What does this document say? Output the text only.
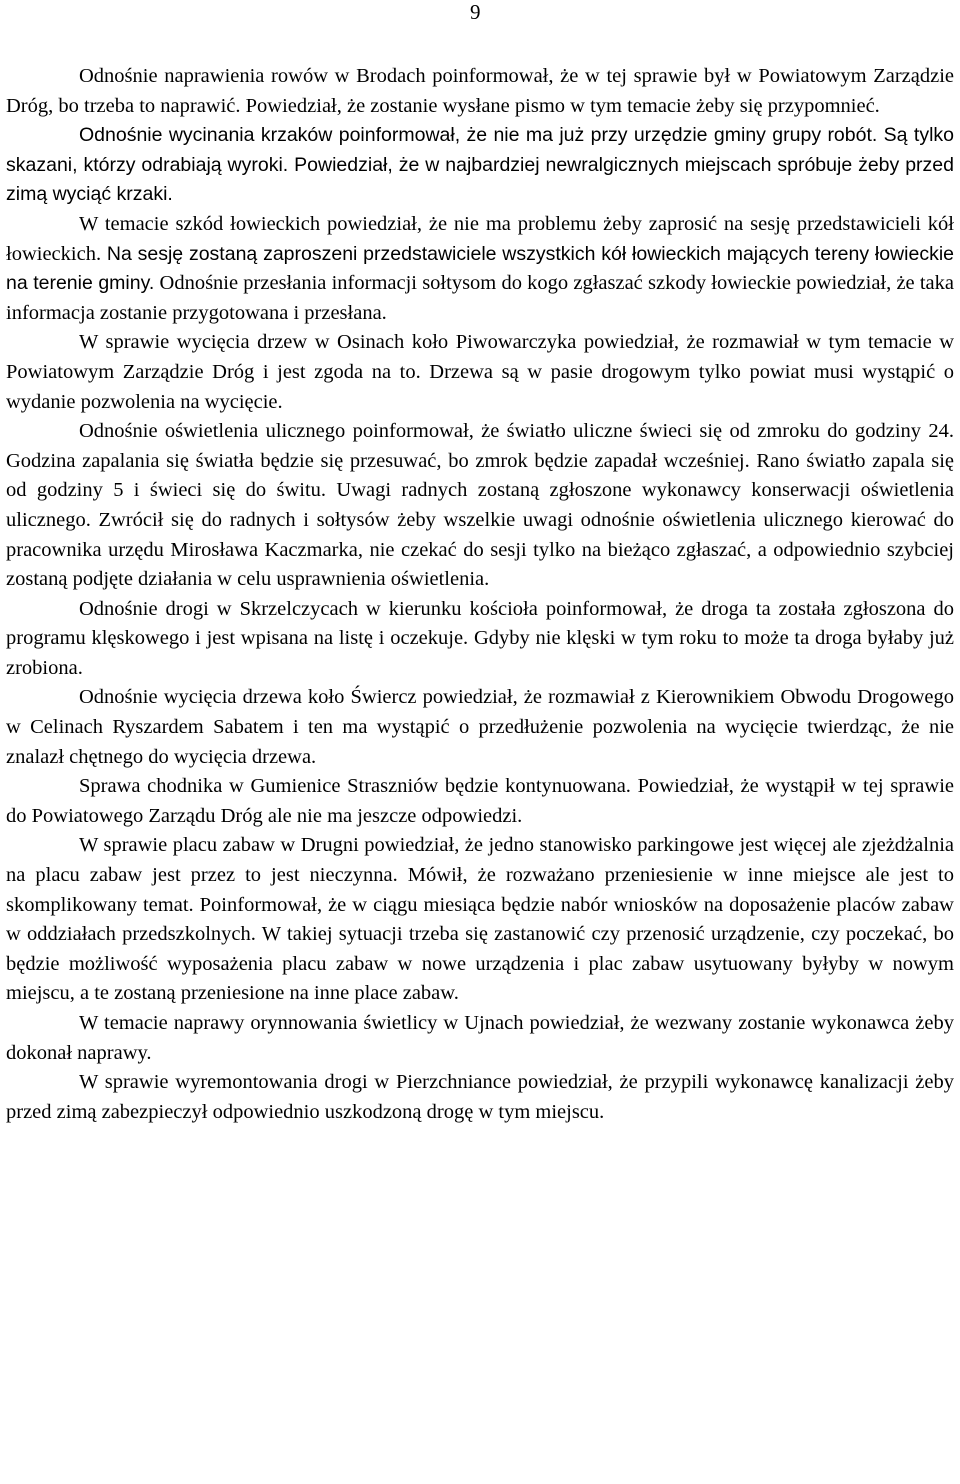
9

Odnośnie naprawienia rowów w Brodach poinformował, że w tej sprawie był w Powiatowym Zarządzie Dróg, bo trzeba to naprawić. Powiedział, że zostanie wysłane pismo w tym temacie żeby się przypomnieć.

Odnośnie wycinania krzaków poinformował, że nie ma już przy urzędzie gminy grupy robót. Są tylko skazani, którzy odrabiają wyroki. Powiedział, że w najbardziej newralgicznych miejscach spróbuje żeby przed zimą wyciąć krzaki.

W temacie szkód łowieckich powiedział, że nie ma problemu żeby zaprosić na sesję przedstawicieli kół łowieckich. Na sesję zostaną zaproszeni przedstawiciele wszystkich kół łowieckich mających tereny łowieckie na terenie gminy. Odnośnie przesłania informacji sołtysom do kogo zgłaszać szkody łowieckie powiedział, że taka informacja zostanie przygotowana i przesłana.

W sprawie wycięcia drzew w Osinach koło Piwowarczyka powiedział, że rozmawiał w tym temacie w Powiatowym Zarządzie Dróg i jest zgoda na to. Drzewa są w pasie drogowym tylko powiat musi wystąpić o wydanie pozwolenia na wycięcie.

Odnośnie oświetlenia ulicznego poinformował, że światło uliczne świeci się od zmroku do godziny 24. Godzina zapalania się światła będzie się przesuwać, bo zmrok będzie zapadał wcześniej. Rano światło zapala się od godziny 5 i świeci się do świtu. Uwagi radnych zostaną zgłoszone wykonawcy konserwacji oświetlenia ulicznego. Zwrócił się do radnych i sołtysów żeby wszelkie uwagi odnośnie oświetlenia ulicznego kierować do pracownika urzędu Mirosława Kaczmarka, nie czekać do sesji tylko na bieżąco zgłaszać, a odpowiednio szybciej zostaną podjęte działania w celu usprawnienia oświetlenia.

Odnośnie drogi w Skrzelczycach w kierunku kościoła poinformował, że droga ta została zgłoszona do programu klęskowego i jest wpisana na listę i oczekuje. Gdyby nie klęski w tym roku to może ta droga byłaby już zrobiona.

Odnośnie wycięcia drzewa koło Świercz powiedział, że rozmawiał z Kierownikiem Obwodu Drogowego w Celinach Ryszardem Sabatem i ten ma wystąpić o przedłużenie pozwolenia na wycięcie twierdząc, że nie znalazł chętnego do wycięcia drzewa.

Sprawa chodnika w Gumienice Straszniów będzie kontynuowana. Powiedział, że wystąpił w tej sprawie do Powiatowego Zarządu Dróg ale nie ma jeszcze odpowiedzi.

W sprawie placu zabaw w Drugni powiedział, że jedno stanowisko parkingowe jest więcej ale zjeżdżalnia na placu zabaw jest przez to jest nieczynna. Mówił, że rozważano przeniesienie w inne miejsce ale jest to skomplikowany temat. Poinformował, że w ciągu miesiąca będzie nabór wniosków na doposażenie placów zabaw w oddziałach przedszkolnych. W takiej sytuacji trzeba się zastanowić czy przenosić urządzenie, czy poczekać, bo będzie możliwość wyposażenia placu zabaw w nowe urządzenia i plac zabaw usytuowany byłyby w nowym miejscu, a te zostaną przeniesione na inne place zabaw.

W temacie naprawy orynnowania świetlicy w Ujnach powiedział, że wezwany zostanie wykonawca żeby dokonał naprawy.

W sprawie wyremontowania drogi w Pierzchniance powiedział, że przypili wykonawcę kanalizacji żeby przed zimą zabezpieczył odpowiednio uszkodzoną drogę w tym miejscu.
